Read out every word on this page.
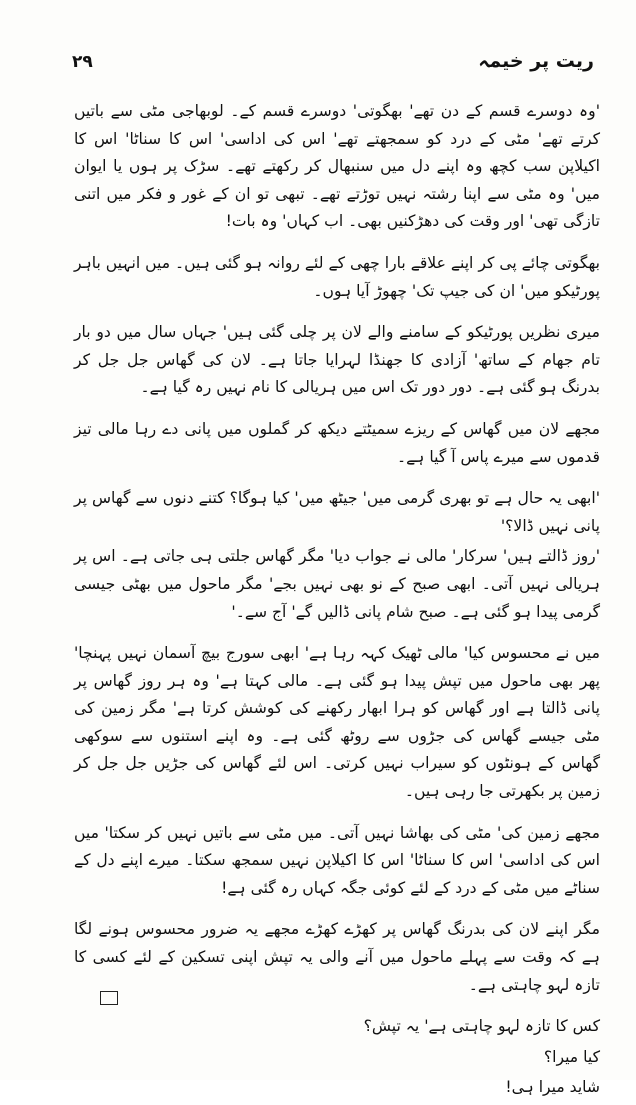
۲۹	ریت پر خیمہ

'وہ دوسرے قسم کے دن تھے' بھگوتی' دوسرے قسم کے۔ لوبھاجی مٹی سے باتیں کرتے تھے' مٹی کے درد کو سمجھتے تھے' اس کی اداسی' اس کا سناٹا' اس کا اکیلاپن سب کچھ وہ اپنے دل میں سنبھال کر رکھتے تھے۔ سڑک پر ہوں یا ایوان میں' وہ مٹی سے اپنا رشتہ نہیں توڑتے تھے۔ تبھی تو ان کے غور و فکر میں اتنی تازگی تھی' اور وقت کی دھڑکنیں بھی۔ اب کہاں' وہ بات!

بھگوتی چائے پی کر اپنے علاقے بارا چھی کے لئے روانہ ہو گئی ہیں۔ میں انہیں باہر پورٹیکو میں' ان کی جیپ تک' چھوڑ آیا ہوں۔

میری نظریں پورٹیکو کے سامنے والے لان پر چلی گئی ہیں' جہاں سال میں دو بار تام جھام کے ساتھ' آزادی کا جھنڈا لہرایا جاتا ہے۔ لان کی گھاس جل جل کر بدرنگ ہو گئی ہے۔ دور دور تک اس میں ہریالی کا نام نہیں رہ گیا ہے۔

مجھے لان میں گھاس کے ریزے سمیٹتے دیکھ کر گملوں میں پانی دے رہا مالی تیز قدموں سے میرے پاس آ گیا ہے۔

'ابھی یہ حال ہے تو بھری گرمی میں' جیٹھ میں' کیا ہوگا؟ کتنے دنوں سے گھاس پر پانی نہیں ڈالا؟'

'روز ڈالتے ہیں' سرکار' مالی نے جواب دیا' مگر گھاس جلتی ہی جاتی ہے۔ اس پر ہریالی نہیں آتی۔ ابھی صبح کے نو بھی نہیں بجے' مگر ماحول میں بھٹی جیسی گرمی پیدا ہو گئی ہے۔ صبح شام پانی ڈالیں گے' آج سے۔'

میں نے محسوس کیا' مالی ٹھیک کہہ رہا ہے' ابھی سورج بیچ آسمان نہیں پہنچا' پھر بھی ماحول میں تپش پیدا ہو گئی ہے۔ مالی کہتا ہے' وہ ہر روز گھاس پر پانی ڈالتا ہے اور گھاس کو ہرا ابھار رکھنے کی کوشش کرتا ہے' مگر زمین کی مٹی جیسے گھاس کی جڑوں سے روٹھ گئی ہے۔ وہ اپنے استنوں سے سوکھی گھاس کے ہونٹوں کو سیراب نہیں کرتی۔ اس لئے گھاس کی جڑیں جل جل کر زمین پر بکھرتی جا رہی ہیں۔

مجھے زمین کی' مٹی کی بھاشا نہیں آتی۔ میں مٹی سے باتیں نہیں کر سکتا' میں اس کی اداسی' اس کا سناٹا' اس کا اکیلاپن نہیں سمجھ سکتا۔ میرے اپنے دل کے سناٹے میں مٹی کے درد کے لئے کوئی جگہ کہاں رہ گئی ہے!

مگر اپنے لان کی بدرنگ گھاس پر کھڑے کھڑے مجھے یہ ضرور محسوس ہونے لگا ہے کہ وقت سے پہلے ماحول میں آنے والی یہ تپش اپنی تسکین کے لئے کسی کا تازہ لہو چاہتی ہے۔

کس کا تازہ لہو چاہتی ہے' یہ تپش؟

کیا میرا؟

شاید میرا ہی!
